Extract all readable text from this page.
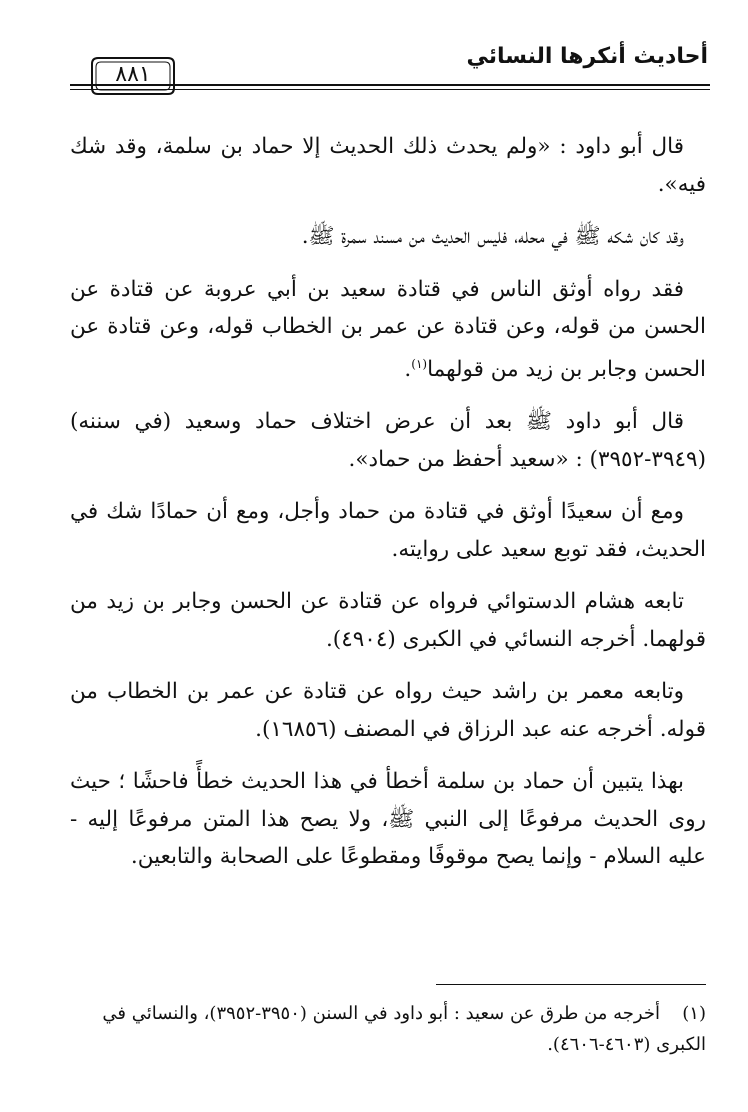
أحاديث أنكرها النسائي
٨٨١

قال أبو داود : «ولم يحدث ذلك الحديث إلا حماد بن سلمة، وقد شك فيه».

وقد كان شكه ﷺ في محله، فليس الحديث من مسند سمرة ﷺ.

فقد رواه أوثق الناس في قتادة سعيد بن أبي عروبة عن قتادة عن الحسن من قوله، وعن قتادة عن عمر بن الخطاب قوله، وعن قتادة عن الحسن وجابر بن زيد من قولهما$^{(١)}$.

قال أبو داود ﷺ بعد أن عرض اختلاف حماد وسعيد (في سننه) (٣٩٤٩-٣٩٥٢) : «سعيد أحفظ من حماد».

ومع أن سعيدًا أوثق في قتادة من حماد وأجل، ومع أن حمادًا شك في الحديث، فقد توبع سعيد على روايته.

تابعه هشام الدستوائي فرواه عن قتادة عن الحسن وجابر بن زيد من قولهما. أخرجه النسائي في الكبرى (٤٩٠٤).

وتابعه معمر بن راشد حيث رواه عن قتادة عن عمر بن الخطاب من قوله. أخرجه عنه عبد الرزاق في المصنف (١٦٨٥٦).

بهذا يتبين أن حماد بن سلمة أخطأ في هذا الحديث خطأً فاحشًا ؛ حيث روى الحديث مرفوعًا إلى النبي ﷺ، ولا يصح هذا المتن مرفوعًا إليه - عليه السلام - وإنما يصح موقوفًا ومقطوعًا على الصحابة والتابعين.

(١)أخرجه من طرق عن سعيد : أبو داود في السنن (٣٩٥٠-٣٩٥٢)، والنسائي في الكبرى (٤٦٠٣-٤٦٠٦).
